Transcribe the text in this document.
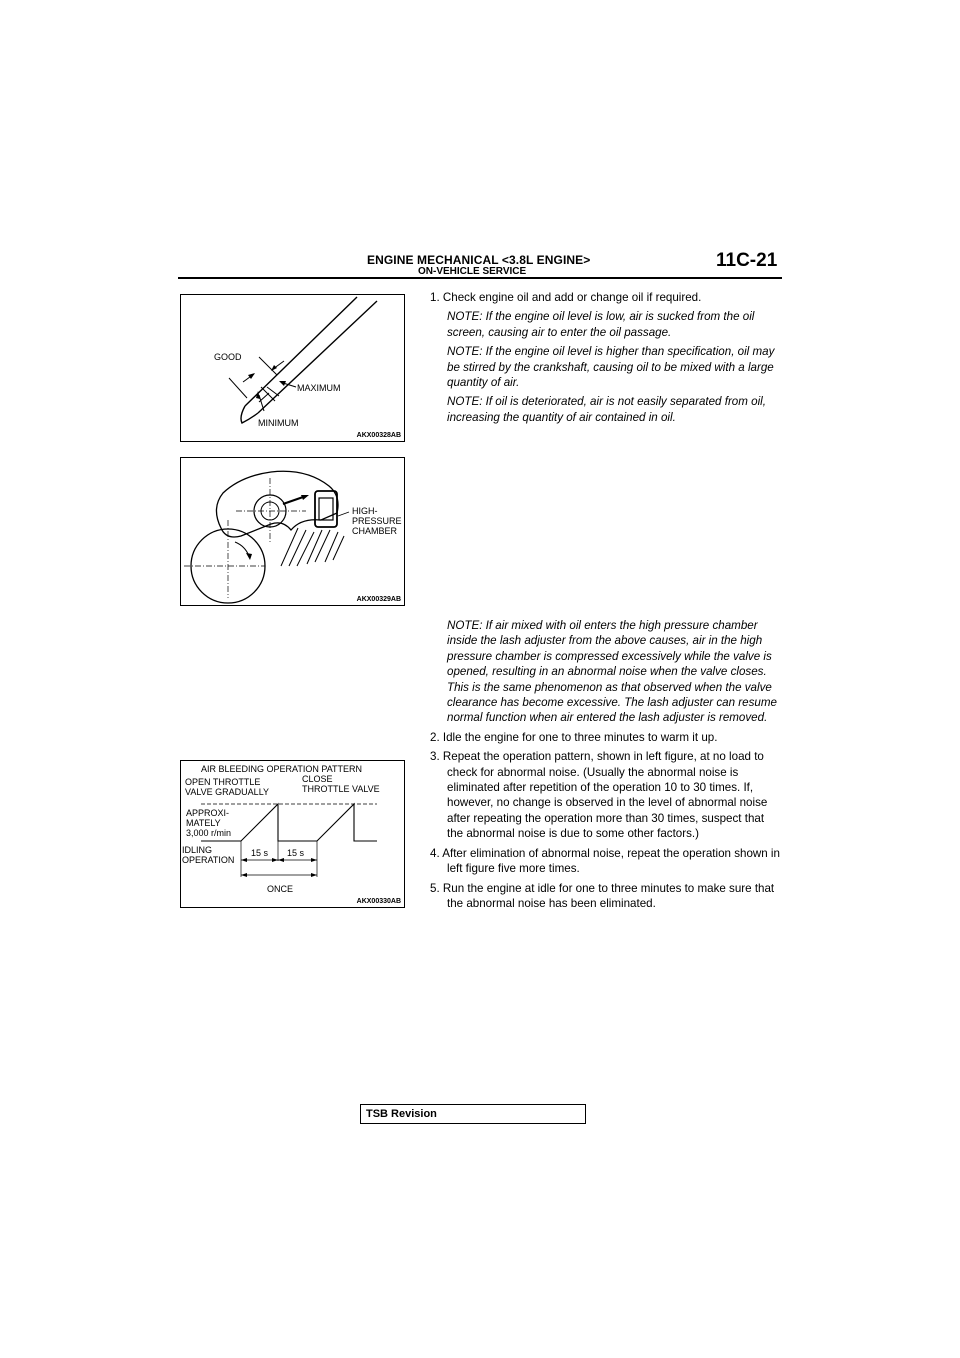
ENGINE MECHANICAL <3.8L ENGINE>
ON-VEHICLE SERVICE
11C-21
GOOD
MAXIMUM
MINIMUM
AKX00328AB
HIGH-
PRESSURE
CHAMBER
AKX00329AB
AIR BLEEDING OPERATION PATTERN
OPEN THROTTLE
VALVE GRADUALLY
CLOSE
THROTTLE VALVE
APPROXI-
MATELY
3,000 r/min
IDLING
OPERATION
15 s 15 s
ONCE
AKX00330AB
1. Check engine oil and add or change oil if required.
NOTE: If the engine oil level is low, air is sucked from the oil screen, causing air to enter the oil passage.
NOTE: If the engine oil level is higher than specification, oil may be stirred by the crankshaft, causing oil to be mixed with a large quantity of air.
NOTE: If oil is deteriorated, air is not easily separated from oil, increasing the quantity of air contained in oil.
NOTE: If air mixed with oil enters the high pressure chamber inside the lash adjuster from the above causes, air in the high pressure chamber is compressed excessively while the valve is opened, resulting in an abnormal noise when the valve closes. This is the same phenomenon as that observed when the valve clearance has become excessive. The lash adjuster can resume normal function when air entered the lash adjuster is removed.
2. Idle the engine for one to three minutes to warm it up.
3. Repeat the operation pattern, shown in left figure, at no load to check for abnormal noise. (Usually the abnormal noise is eliminated after repetition of the operation 10 to 30 times. If, however, no change is observed in the level of abnormal noise after repeating the operation more than 30 times, suspect that the abnormal noise is due to some other factors.)
4. After elimination of abnormal noise, repeat the operation shown in left figure five more times.
5. Run the engine at idle for one to three minutes to make sure that the abnormal noise has been eliminated.
TSB Revision
